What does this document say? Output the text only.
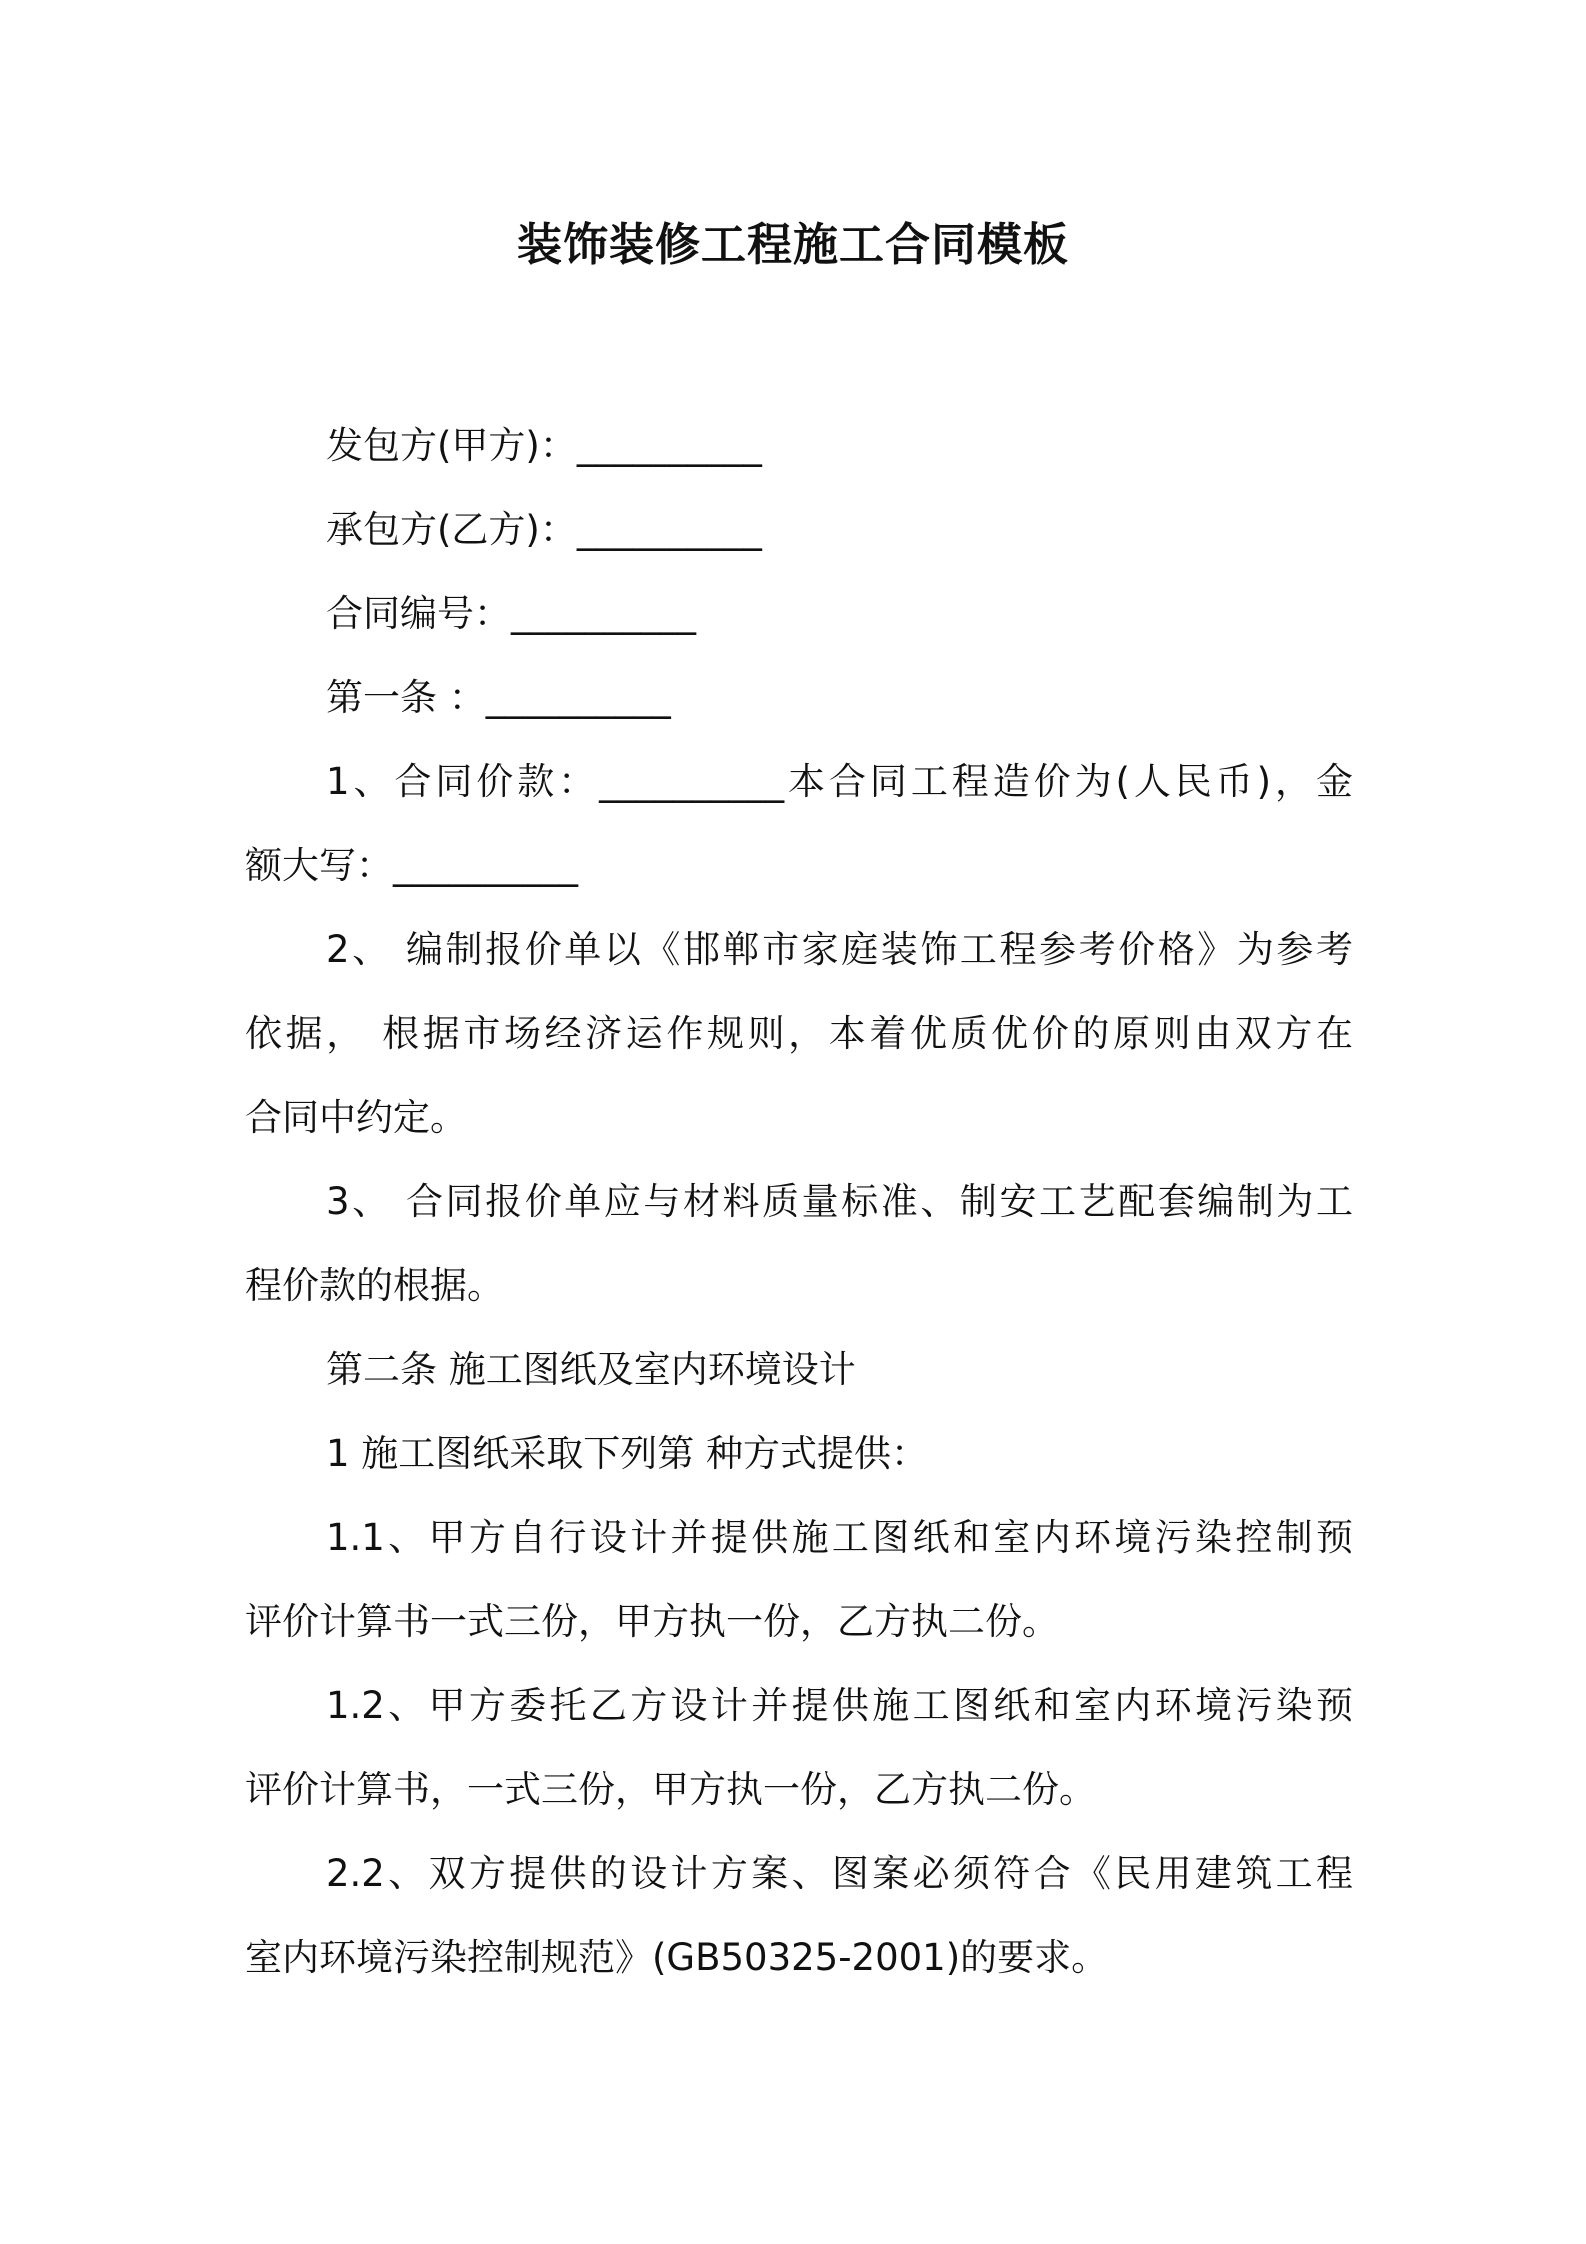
装饰装修工程施工合同模板
发包方(甲方)：__________
承包方(乙方)：__________
合同编号：__________
第一条 ：__________
1、合同价款：__________本合同工程造价为(人民币)，金
额大写：__________
2、 编制报价单以《邯郸市家庭装饰工程参考价格》为参考
依据， 根据市场经济运作规则，本着优质优价的原则由双方在
合同中约定。
3、 合同报价单应与材料质量标准、制安工艺配套编制为工
程价款的根据。
第二条 施工图纸及室内环境设计
1 施工图纸采取下列第 种方式提供：
1.1、甲方自行设计并提供施工图纸和室内环境污染控制预
评价计算书一式三份，甲方执一份，乙方执二份。
1.2、甲方委托乙方设计并提供施工图纸和室内环境污染预
评价计算书，一式三份，甲方执一份，乙方执二份。
2.2、双方提供的设计方案、图案必须符合《民用建筑工程
室内环境污染控制规范》(GB50325-2001)的要求。
